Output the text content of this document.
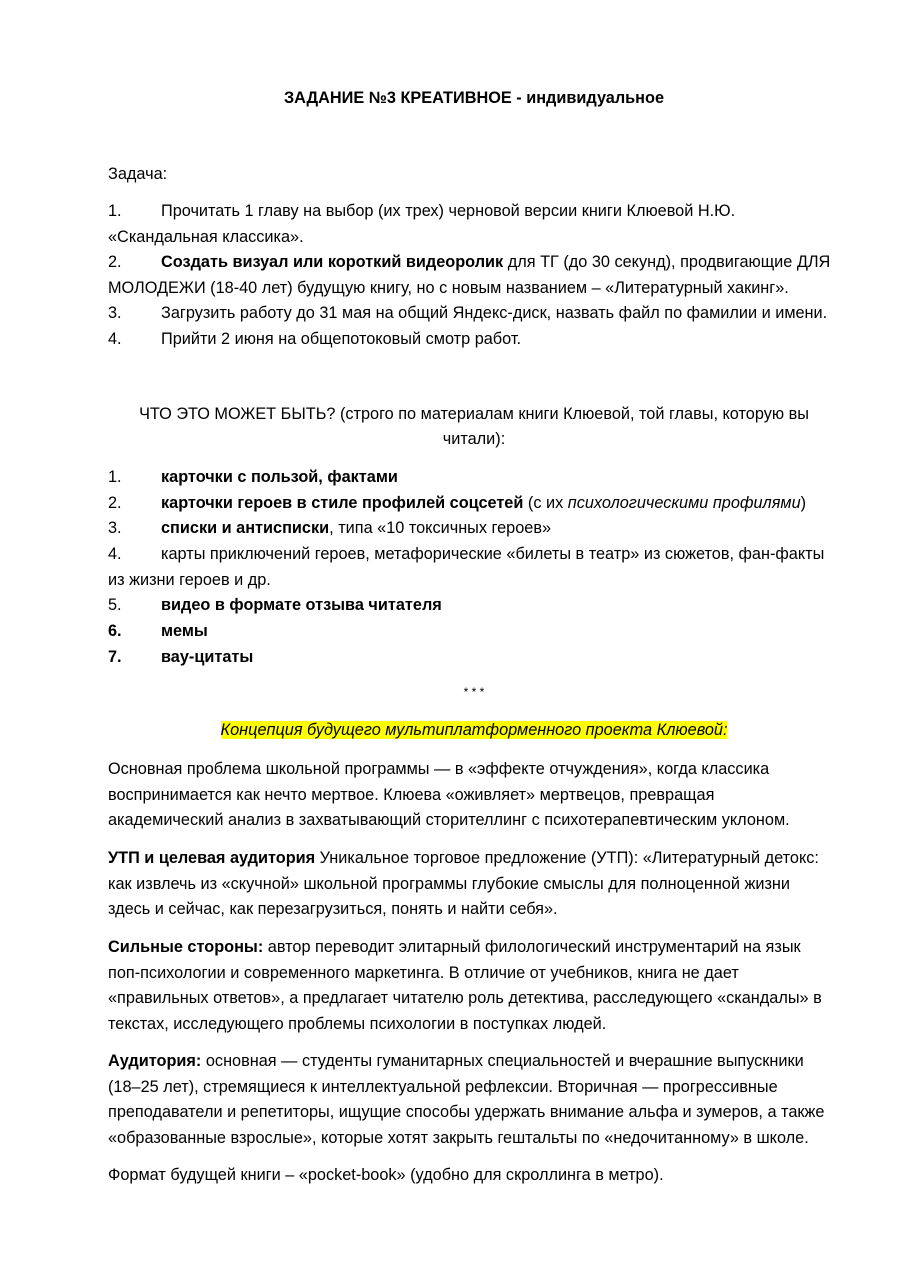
ЗАДАНИЕ №3 КРЕАТИВНОЕ - индивидуальное
Задача:
1.	Прочитать 1 главу на выбор (их трех) черновой версии книги Клюевой Н.Ю.
«Скандальная классика».
2.	Создать визуал или короткий видеоролик для ТГ (до 30 секунд), продвигающие ДЛЯ
МОЛОДЕЖИ (18-40 лет) будущую книгу, но с новым названием – «Литературный хакинг».
3.	Загрузить работу до 31 мая на общий Яндекс-диск, назвать файл по фамилии и имени.
4.	Прийти 2 июня на общепотоковый смотр работ.
ЧТО ЭТО МОЖЕТ БЫТЬ? (строго по материалам книги Клюевой, той главы, которую вы
читали):
1.	карточки с пользой, фактами
2.	карточки героев в стиле профилей соцсетей (с их психологическими профилями)
3.	списки и антисписки, типа «10 токсичных героев»
4.	карты приключений героев, метафорические «билеты в театр» из сюжетов, фан-факты
из жизни героев и др.
5.	видео в формате отзыва читателя
6.	мемы
7.	вау-цитаты
* * *
Концепция будущего мультиплатформенного проекта Клюевой:
Основная проблема школьной программы — в «эффекте отчуждения», когда классика
воспринимается как нечто мертвое. Клюева «оживляет» мертвецов, превращая
академический анализ в захватывающий сторителлинг с психотерапевтическим уклоном.
УТП и целевая аудитория Уникальное торговое предложение (УТП): «Литературный детокс:
как извлечь из «скучной» школьной программы глубокие смыслы для полноценной жизни
здесь и сейчас, как перезагрузиться, понять и найти себя».
Сильные стороны: автор переводит элитарный филологический инструментарий на язык
поп-психологии и современного маркетинга. В отличие от учебников, книга не дает
«правильных ответов», а предлагает читателю роль детектива, расследующего «скандалы» в
текстах, исследующего проблемы психологии в поступках людей.
Аудитория: основная — студенты гуманитарных специальностей и вчерашние выпускники
(18–25 лет), стремящиеся к интеллектуальной рефлексии. Вторичная — прогрессивные
преподаватели и репетиторы, ищущие способы удержать внимание альфа и зумеров, а также
«образованные взрослые», которые хотят закрыть гештальты по «недочитанному» в школе.
Формат будущей книги – «pocket-book» (удобно для скроллинга в метро).
